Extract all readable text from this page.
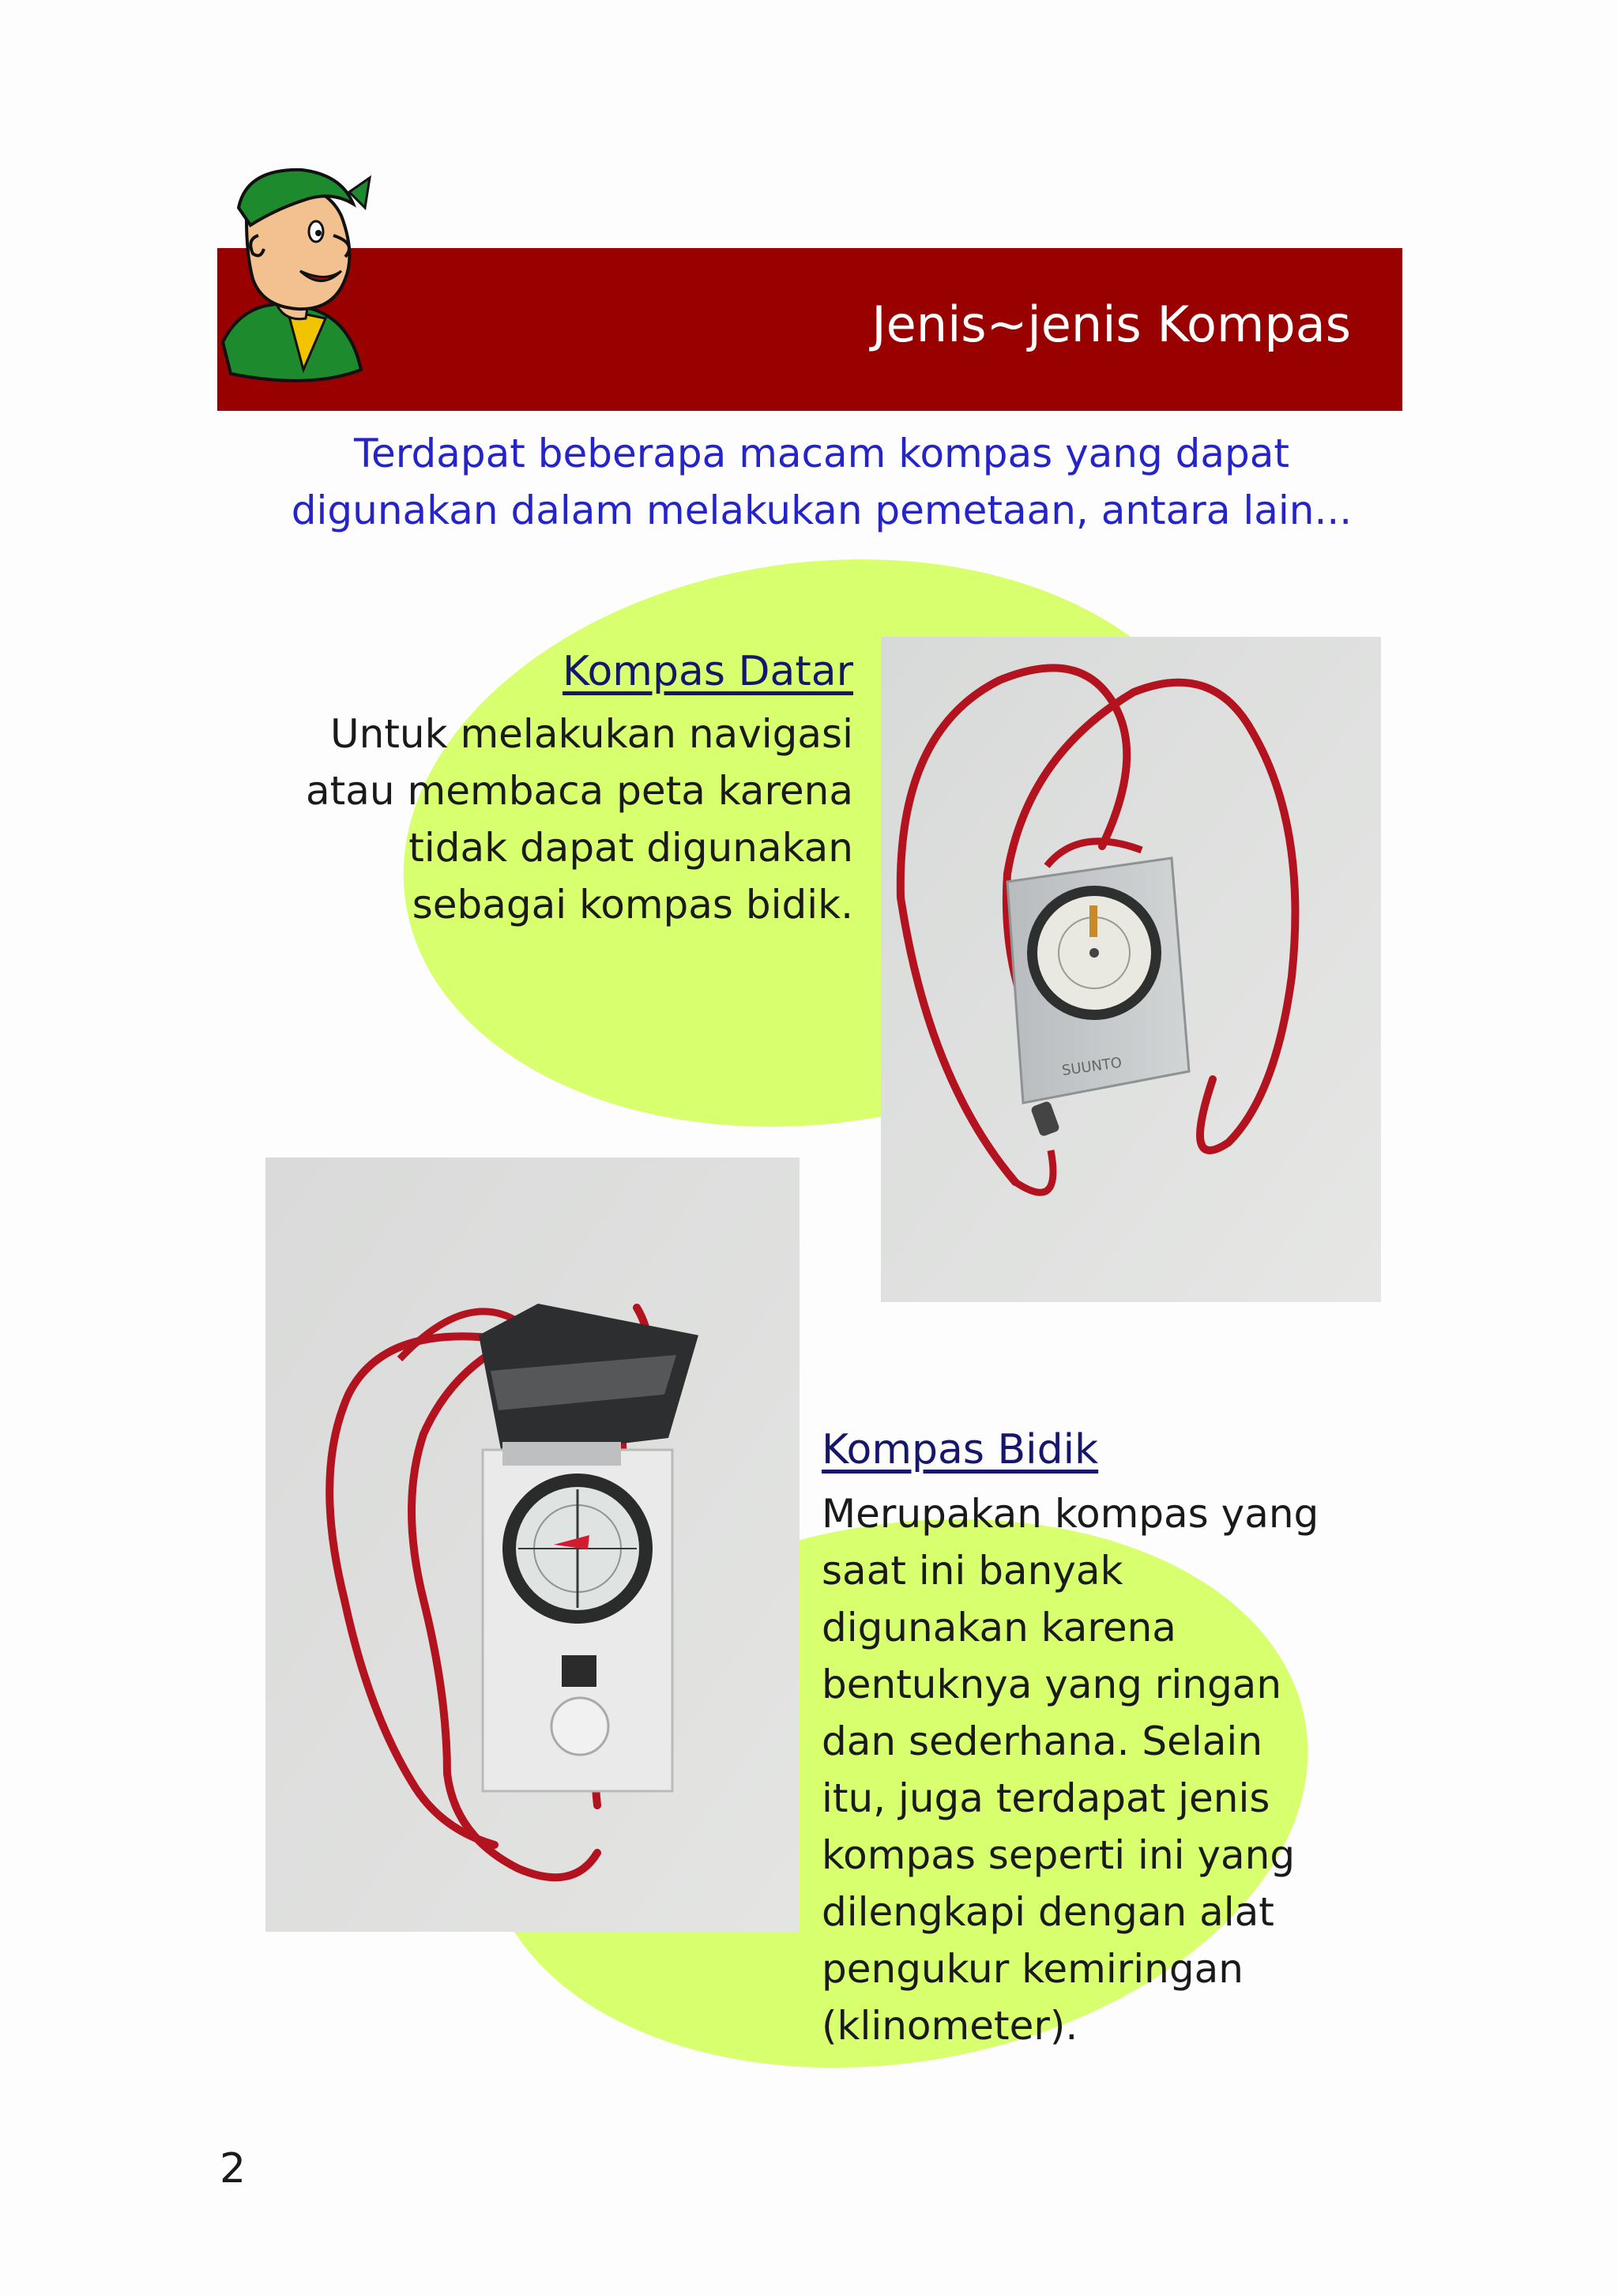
Jenis~jenis Kompas
Terdapat beberapa macam kompas yang dapat digunakan dalam melakukan pemetaan, antara lain...
Kompas Datar

Untuk melakukan navigasi atau membaca peta karena tidak dapat digunakan sebagai kompas bidik.

SUUNTO
Kompas Bidik

Merupakan kompas yang saat ini banyak digunakan karena bentuknya yang ringan dan sederhana. Selain itu, juga terdapat jenis kompas seperti ini yang dilengkapi dengan alat pengukur kemiringan (klinometer).

2
